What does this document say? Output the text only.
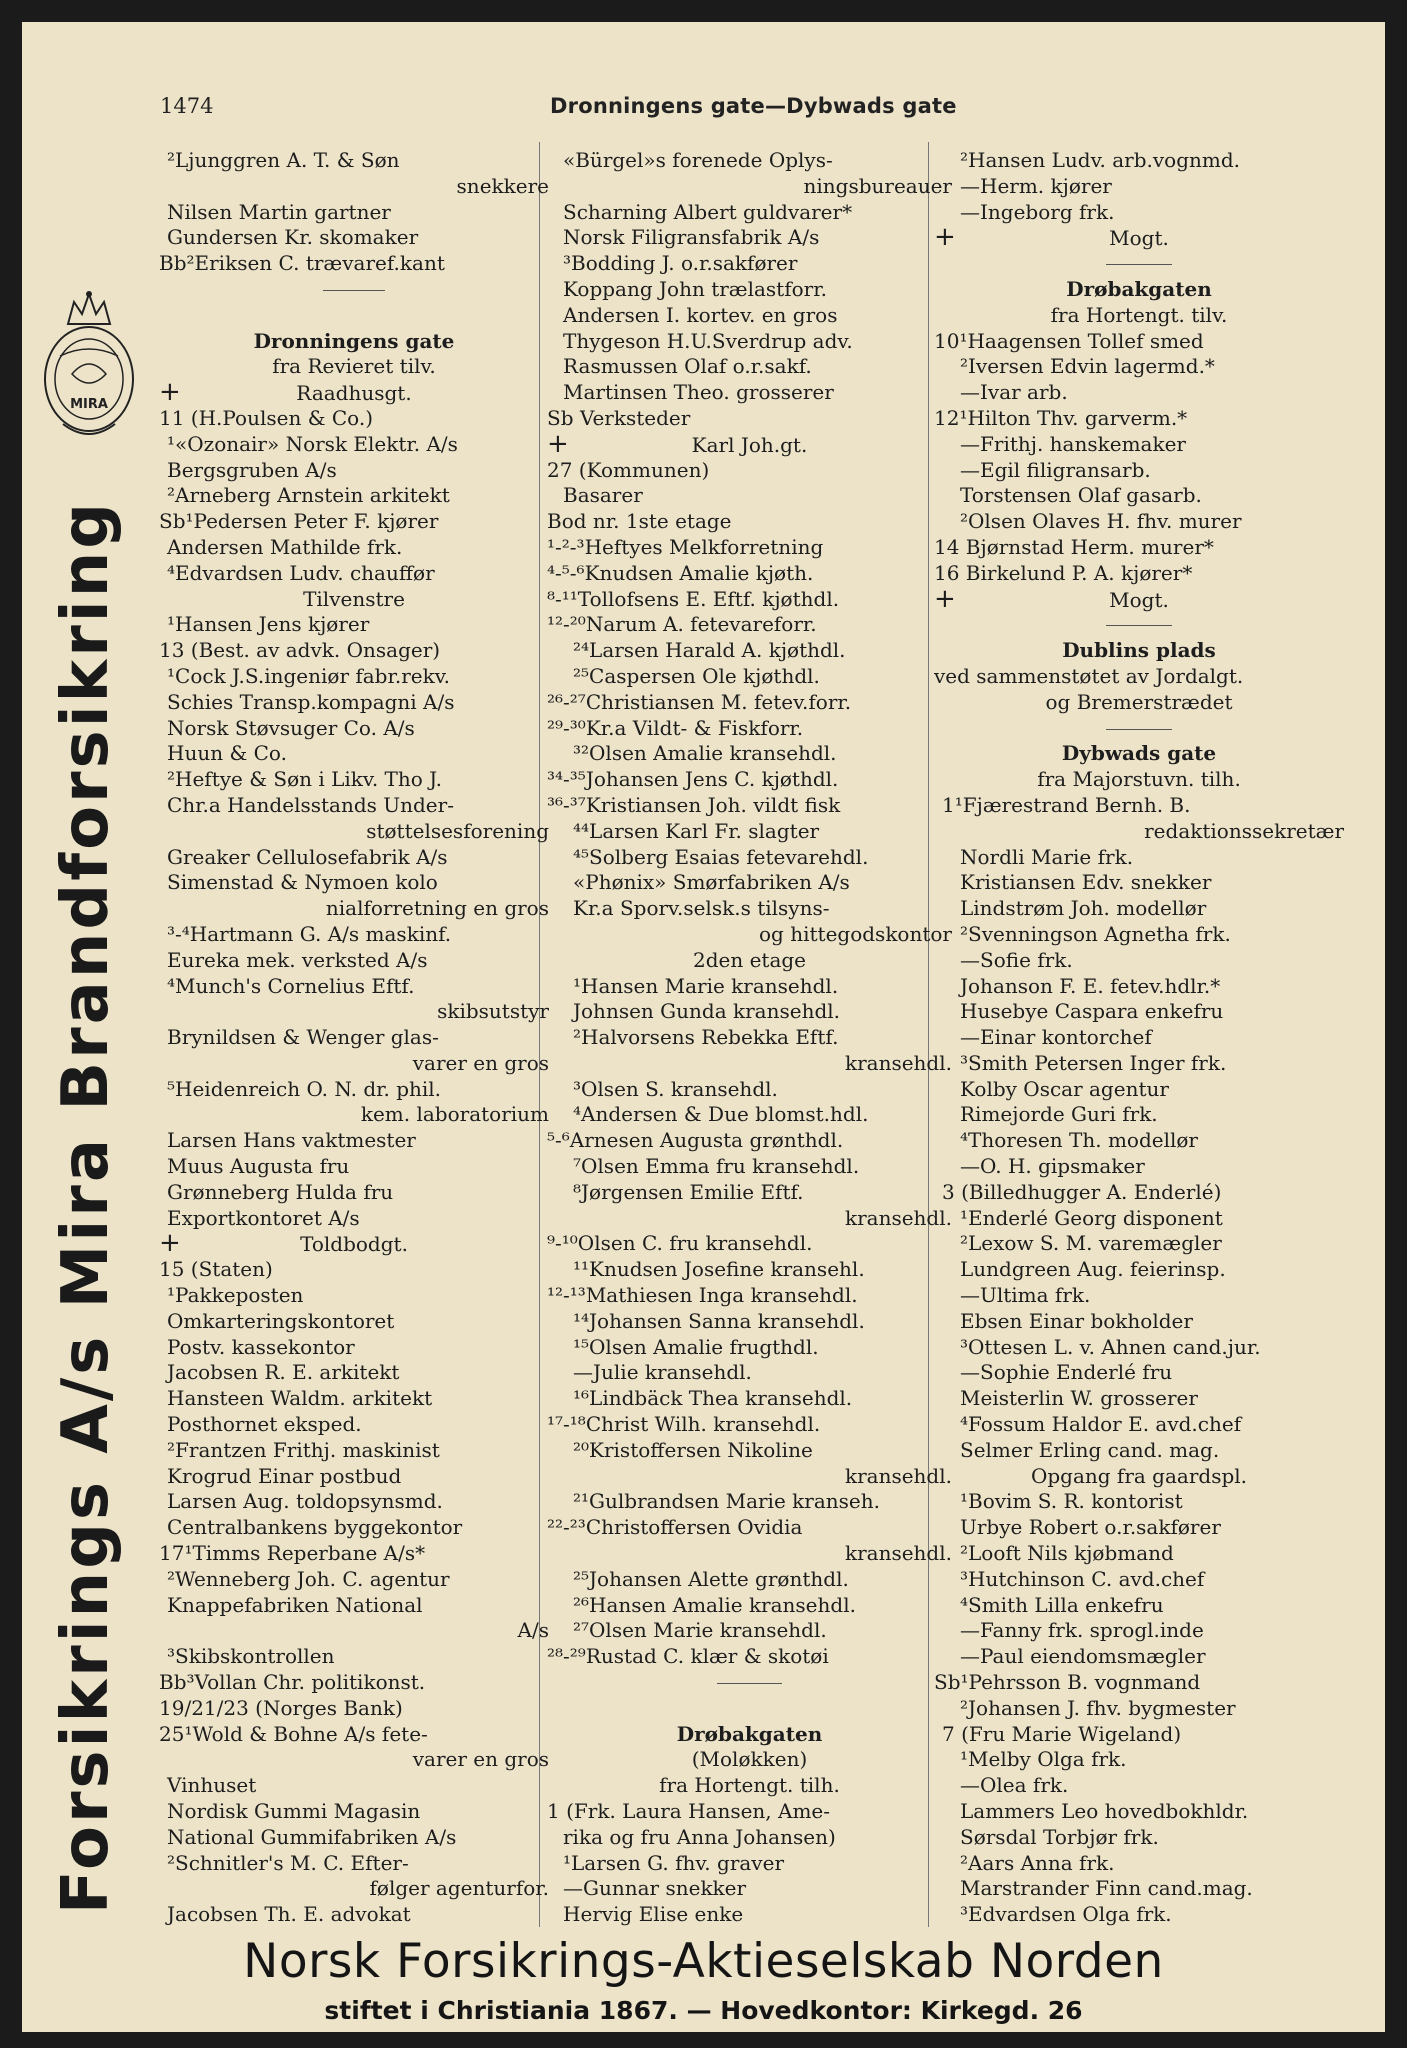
1474	Dronningens gate—Dybwads gate
MIRA
Forsikrings A/s Mira Brandforsikring
²Ljunggren A. T. & Søn
snekkere
Nilsen Martin gartner
Gundersen Kr. skomaker
Bb²Eriksen C. trævaref.kant
Dronningens gate
fra Revieret tilv.
+	Raadhusgt.
11 (H.Poulsen & Co.)
¹«Ozonair» Norsk Elektr. A/s
Bergsgruben A/s
²Arneberg Arnstein arkitekt
Sb¹Pedersen Peter F. kjører
Andersen Mathilde frk.
⁴Edvardsen Ludv. chauffør
Tilvenstre
¹Hansen Jens kjører
13 (Best. av advk. Onsager)
¹Cock J.S.ingeniør fabr.rekv.
Schies Transp.kompagni A/s
Norsk Støvsuger Co. A/s
Huun & Co.
²Heftye & Søn i Likv. Tho J.
Chr.a Handelsstands Under-
støttelsesforening
Greaker Cellulosefabrik A/s
Simenstad & Nymoen kolo
nialforretning en gros
³-⁴Hartmann G. A/s maskinf.
Eureka mek. verksted A/s
⁴Munch's Cornelius Eftf.
skibsutstyr
Brynildsen & Wenger glas-
varer en gros
⁵Heidenreich O. N. dr. phil.
kem. laboratorium
Larsen Hans vaktmester
Muus Augusta fru
Grønneberg Hulda fru
Exportkontoret A/s
+	Toldbodgt.
15 (Staten)
¹Pakkeposten
Omkarteringskontoret
Postv. kassekontor
Jacobsen R. E. arkitekt
Hansteen Waldm. arkitekt
Posthornet eksped.
²Frantzen Frithj. maskinist
Krogrud Einar postbud
Larsen Aug. toldopsynsmd.
Centralbankens byggekontor
17¹Timms Reperbane A/s*
²Wenneberg Joh. C. agentur
Knappefabriken National
A/s
³Skibskontrollen
Bb³Vollan Chr. politikonst.
19/21/23 (Norges Bank)
25¹Wold & Bohne A/s fete-
varer en gros
Vinhuset
Nordisk Gummi Magasin
National Gummifabriken A/s
²Schnitler's M. C. Efter-
følger agenturfor.
Jacobsen Th. E. advokat
«Bürgel»s forenede Oplys-
ningsbureauer
Scharning Albert guldvarer*
Norsk Filigransfabrik A/s
³Bodding J. o.r.sakfører
Koppang John trælastforr.
Andersen I. kortev. en gros
Thygeson H.U.Sverdrup adv.
Rasmussen Olaf o.r.sakf.
Martinsen Theo. grosserer
Sb Verksteder
+	Karl Joh.gt.
27 (Kommunen)
Basarer
Bod nr. 1ste etage
¹-²-³Heftyes Melkforretning
⁴-⁵-⁶Knudsen Amalie kjøth.
⁸-¹¹Tollofsens E. Eftf. kjøthdl.
¹²-²⁰Narum A. fetevareforr.
²⁴Larsen Harald A. kjøthdl.
²⁵Caspersen Ole kjøthdl.
²⁶-²⁷Christiansen M. fetev.forr.
²⁹-³⁰Kr.a Vildt- & Fiskforr.
³²Olsen Amalie kransehdl.
³⁴-³⁵Johansen Jens C. kjøthdl.
³⁶-³⁷Kristiansen Joh. vildt fisk
⁴⁴Larsen Karl Fr. slagter
⁴⁵Solberg Esaias fetevarehdl.
«Phønix» Smørfabriken A/s
Kr.a Sporv.selsk.s tilsyns-
og hittegodskontor
2den etage
¹Hansen Marie kransehdl.
Johnsen Gunda kransehdl.
²Halvorsens Rebekka Eftf.
kransehdl.
³Olsen S. kransehdl.
⁴Andersen & Due blomst.hdl.
⁵-⁶Arnesen Augusta grønthdl.
⁷Olsen Emma fru kransehdl.
⁸Jørgensen Emilie Eftf.
kransehdl.
⁹-¹⁰Olsen C. fru kransehdl.
¹¹Knudsen Josefine kransehl.
¹²-¹³Mathiesen Inga kransehdl.
¹⁴Johansen Sanna kransehdl.
¹⁵Olsen Amalie frugthdl.
—Julie kransehdl.
¹⁶Lindbäck Thea kransehdl.
¹⁷-¹⁸Christ Wilh. kransehdl.
²⁰Kristoffersen Nikoline
kransehdl.
²¹Gulbrandsen Marie kranseh.
²²-²³Christoffersen Ovidia
kransehdl.
²⁵Johansen Alette grønthdl.
²⁶Hansen Amalie kransehdl.
²⁷Olsen Marie kransehdl.
²⁸-²⁹Rustad C. klær & skotøi
Drøbakgaten
(Moløkken)
fra Hortengt. tilh.
1 (Frk. Laura Hansen, Ame-
rika og fru Anna Johansen)
¹Larsen G. fhv. graver
—Gunnar snekker
Hervig Elise enke
²Hansen Ludv. arb.vognmd.
—Herm. kjører
—Ingeborg frk.
+	Mogt.
Drøbakgaten
fra Hortengt. tilv.
10¹Haagensen Tollef smed
²Iversen Edvin lagermd.*
—Ivar arb.
12¹Hilton Thv. garverm.*
—Frithj. hanskemaker
—Egil filigransarb.
Torstensen Olaf gasarb.
²Olsen Olaves H. fhv. murer
14 Bjørnstad Herm. murer*
16 Birkelund P. A. kjører*
+	Mogt.
Dublins plads
ved sammenstøtet av Jordalgt.
og Bremerstrædet
Dybwads gate
fra Majorstuvn. tilh.
1¹Fjærestrand Bernh. B.
redaktionssekretær
Nordli Marie frk.
Kristiansen Edv. snekker
Lindstrøm Joh. modellør
²Svenningson Agnetha frk.
—Sofie frk.
Johanson F. E. fetev.hdlr.*
Husebye Caspara enkefru
—Einar kontorchef
³Smith Petersen Inger frk.
Kolby Oscar agentur
Rimejorde Guri frk.
⁴Thoresen Th. modellør
—O. H. gipsmaker
3 (Billedhugger A. Enderlé)
¹Enderlé Georg disponent
²Lexow S. M. varemægler
Lundgreen Aug. feierinsp.
—Ultima frk.
Ebsen Einar bokholder
³Ottesen L. v. Ahnen cand.jur.
—Sophie Enderlé fru
Meisterlin W. grosserer
⁴Fossum Haldor E. avd.chef
Selmer Erling cand. mag.
Opgang fra gaardspl.
¹Bovim S. R. kontorist
Urbye Robert o.r.sakfører
²Looft Nils kjøbmand
³Hutchinson C. avd.chef
⁴Smith Lilla enkefru
—Fanny frk. sprogl.inde
—Paul eiendomsmægler
Sb¹Pehrsson B. vognmand
²Johansen J. fhv. bygmester
7 (Fru Marie Wigeland)
¹Melby Olga frk.
—Olea frk.
Lammers Leo hovedbokhldr.
Sørsdal Torbjør frk.
²Aars Anna frk.
Marstrander Finn cand.mag.
³Edvardsen Olga frk.
Norsk Forsikrings-Aktieselskab Norden
stiftet i Christiania 1867. — Hovedkontor: Kirkegd. 26
